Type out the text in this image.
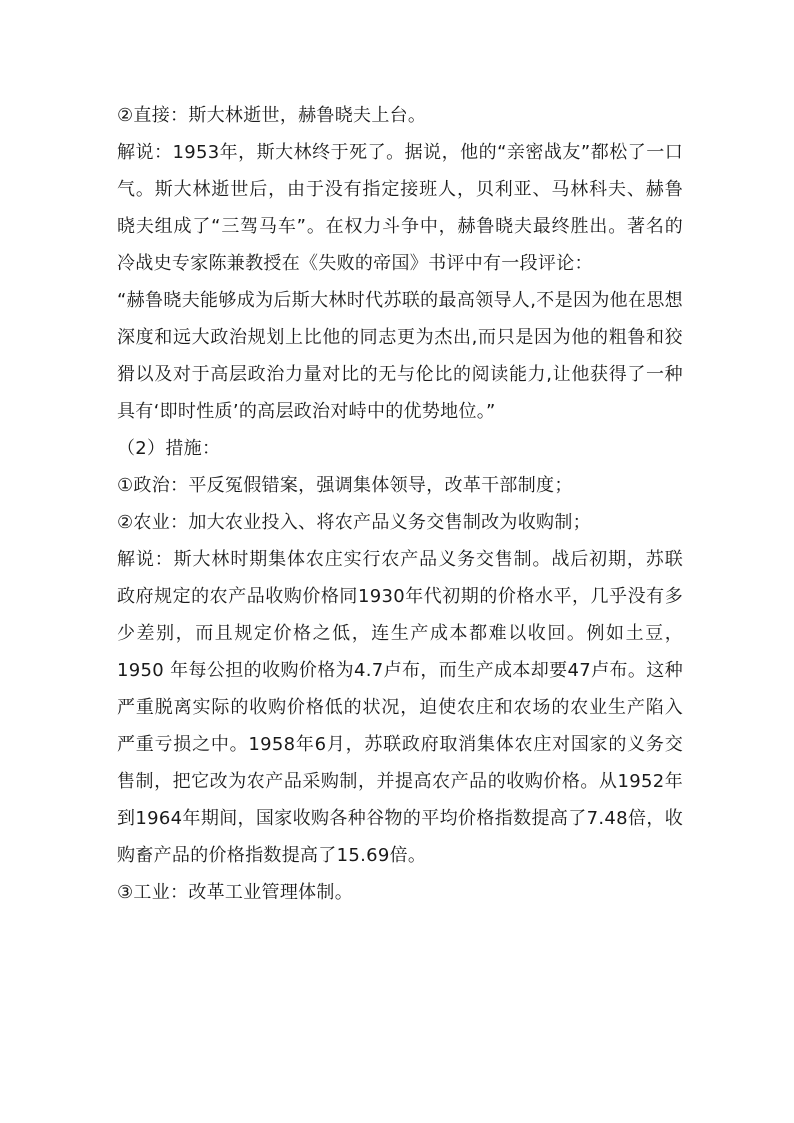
②直接：斯大林逝世，赫鲁晓夫上台。

解说：1953年，斯大林终于死了。据说，他的“亲密战友”都松了一口气。斯大林逝世后，由于没有指定接班人，贝利亚、马林科夫、赫鲁晓夫组成了“三驾马车”。在权力斗争中，赫鲁晓夫最终胜出。著名的冷战史专家陈兼教授在《失败的帝国》书评中有一段评论：

“赫鲁晓夫能够成为后斯大林时代苏联的最高领导人,不是因为他在思想深度和远大政治规划上比他的同志更为杰出,而只是因为他的粗鲁和狡猾以及对于高层政治力量对比的无与伦比的阅读能力,让他获得了一种具有‘即时性质’的高层政治对峙中的优势地位。”

（2）措施：

①政治：平反冤假错案，强调集体领导，改革干部制度；

②农业：加大农业投入、将农产品义务交售制改为收购制；

解说：斯大林时期集体农庄实行农产品义务交售制。战后初期，苏联政府规定的农产品收购价格同1930年代初期的价格水平，几乎没有多少差别，而且规定价格之低，连生产成本都难以收回。例如土豆，1950 年每公担的收购价格为4.7卢布，而生产成本却要47卢布。这种严重脱离实际的收购价格低的状况，迫使农庄和农场的农业生产陷入严重亏损之中。1958年6月，苏联政府取消集体农庄对国家的义务交售制，把它改为农产品采购制，并提高农产品的收购价格。从1952年到1964年期间，国家收购各种谷物的平均价格指数提高了7.48倍，收购畜产品的价格指数提高了15.69倍。

③工业：改革工业管理体制。
